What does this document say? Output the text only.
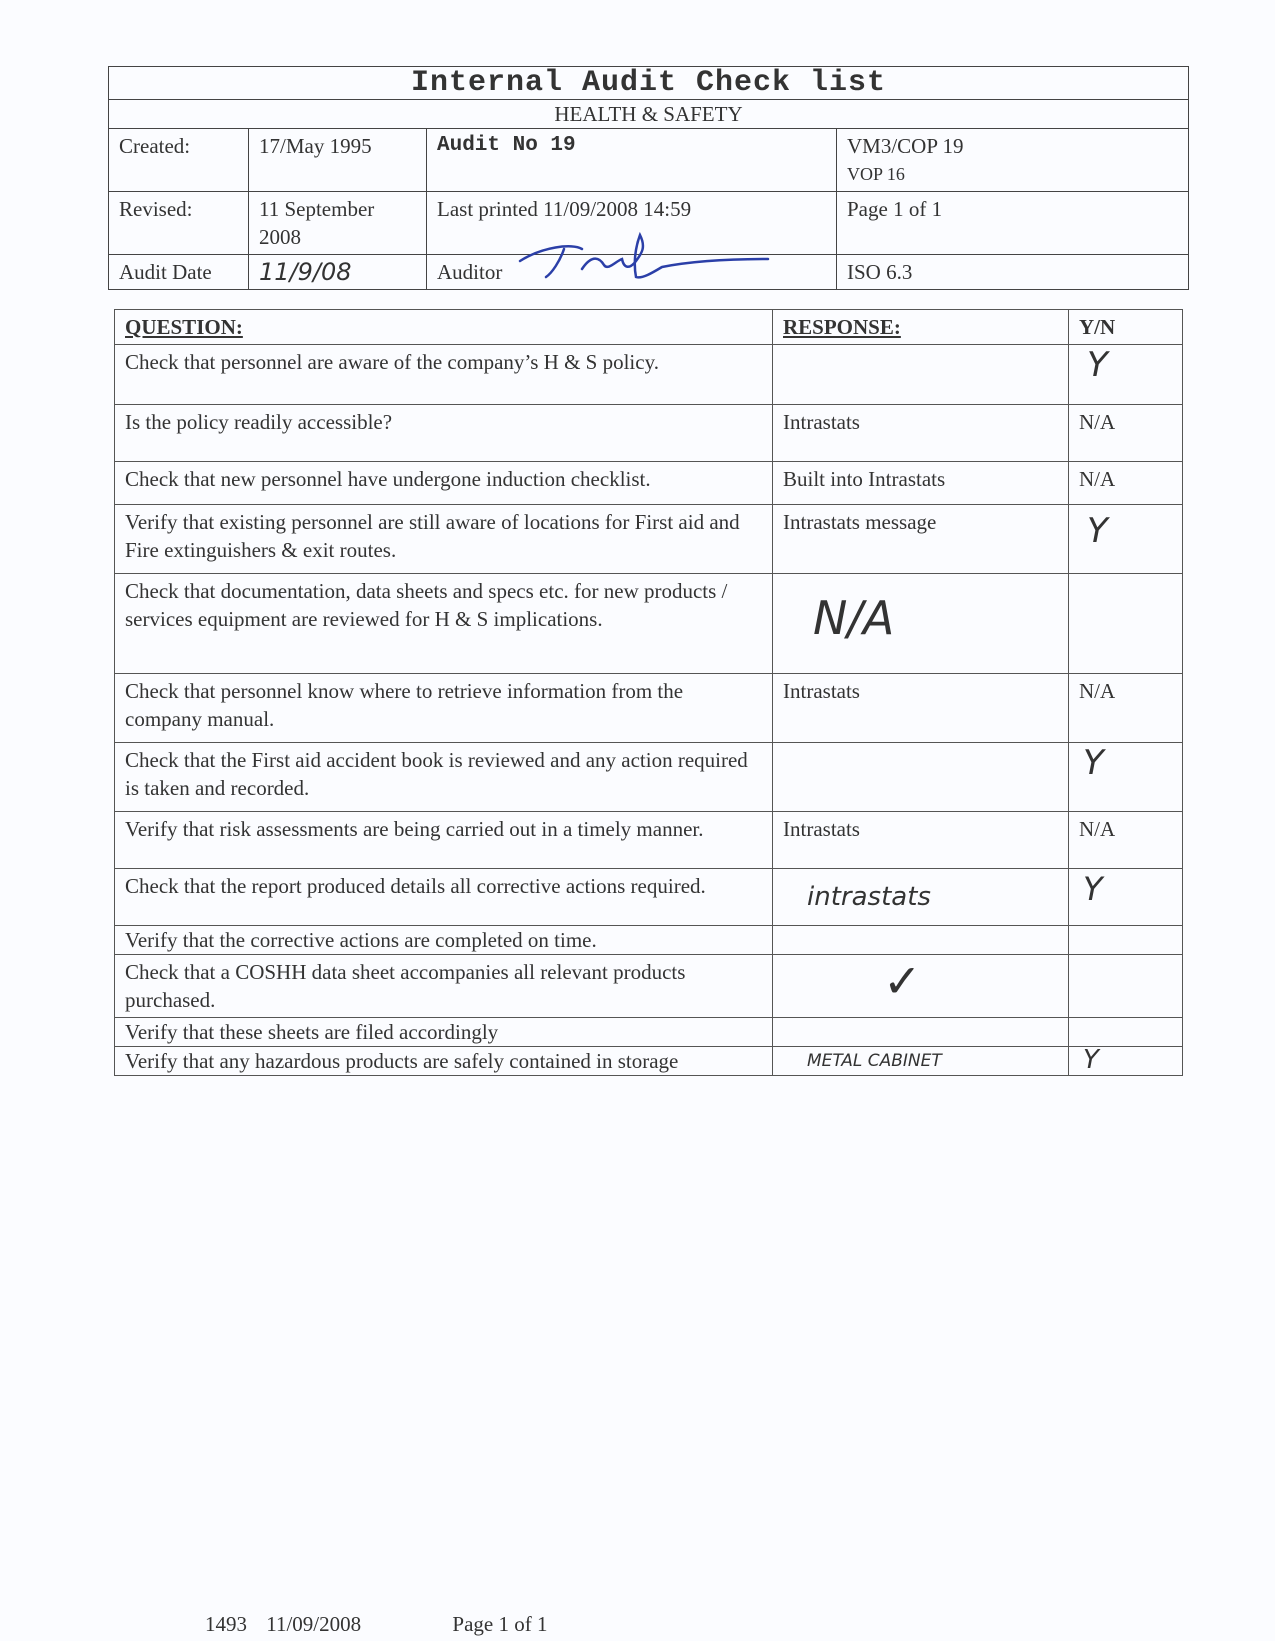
Internal Audit Check list			
HEALTH & SAFETY			
Created:	17/May 1995	Audit No 19	VM3/COP 19
VOP 16

Revised:	11 September 2008	Last printed 11/09/2008 14:59	Page 1 of 1
Audit Date	11/9/08	Auditor	ISO 6.3
QUESTION:	RESPONSE:	Y/N
Check that personnel are aware of the company’s H & S policy.		Y
Is the policy readily accessible?	Intrastats	N/A
Check that new personnel have undergone induction checklist.	Built into Intrastats	N/A
Verify that existing personnel are still aware of locations for First aid and Fire extinguishers & exit routes.	Intrastats message	Y
Check that documentation, data sheets and specs etc. for new products / services equipment are reviewed for H & S implications.	N/A	
Check that personnel know where to retrieve information from the company manual.	Intrastats	N/A
Check that the First aid accident book is reviewed and any action required is taken and recorded.		Y
Verify that risk assessments are being carried out in a timely manner.	Intrastats	N/A
Check that the report produced details all corrective actions required.	intrastats	Y
Verify that the corrective actions are completed on time.		
Check that a COSHH data sheet accompanies all relevant products purchased.	✓	
Verify that these sheets are filed accordingly		
Verify that any hazardous products are safely contained in storage	METAL CABINET	Y
1493 11/09/2008	Page 1 of 1
